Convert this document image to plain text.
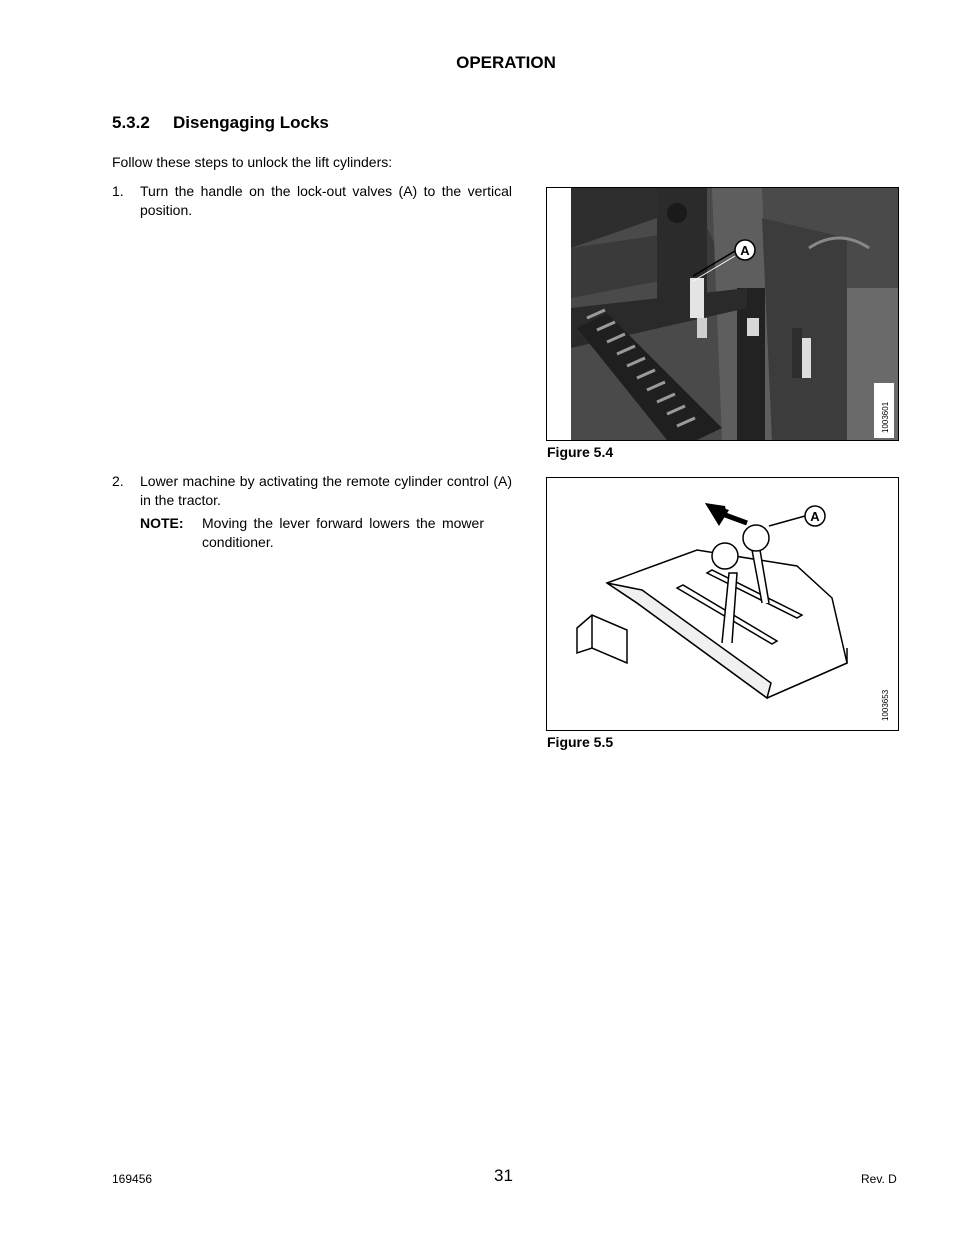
OPERATION
5.3.2 Disengaging Locks
Follow these steps to unlock the lift cylinders:
1. Turn the handle on the lock-out valves (A) to the vertical position.
2. Lower machine by activating the remote cylinder control (A) in the tractor.
NOTE: Moving the lever forward lowers the mower conditioner.
A
1003601
Figure 5.4
A
1003653
Figure 5.5
169456	31	Rev. D
